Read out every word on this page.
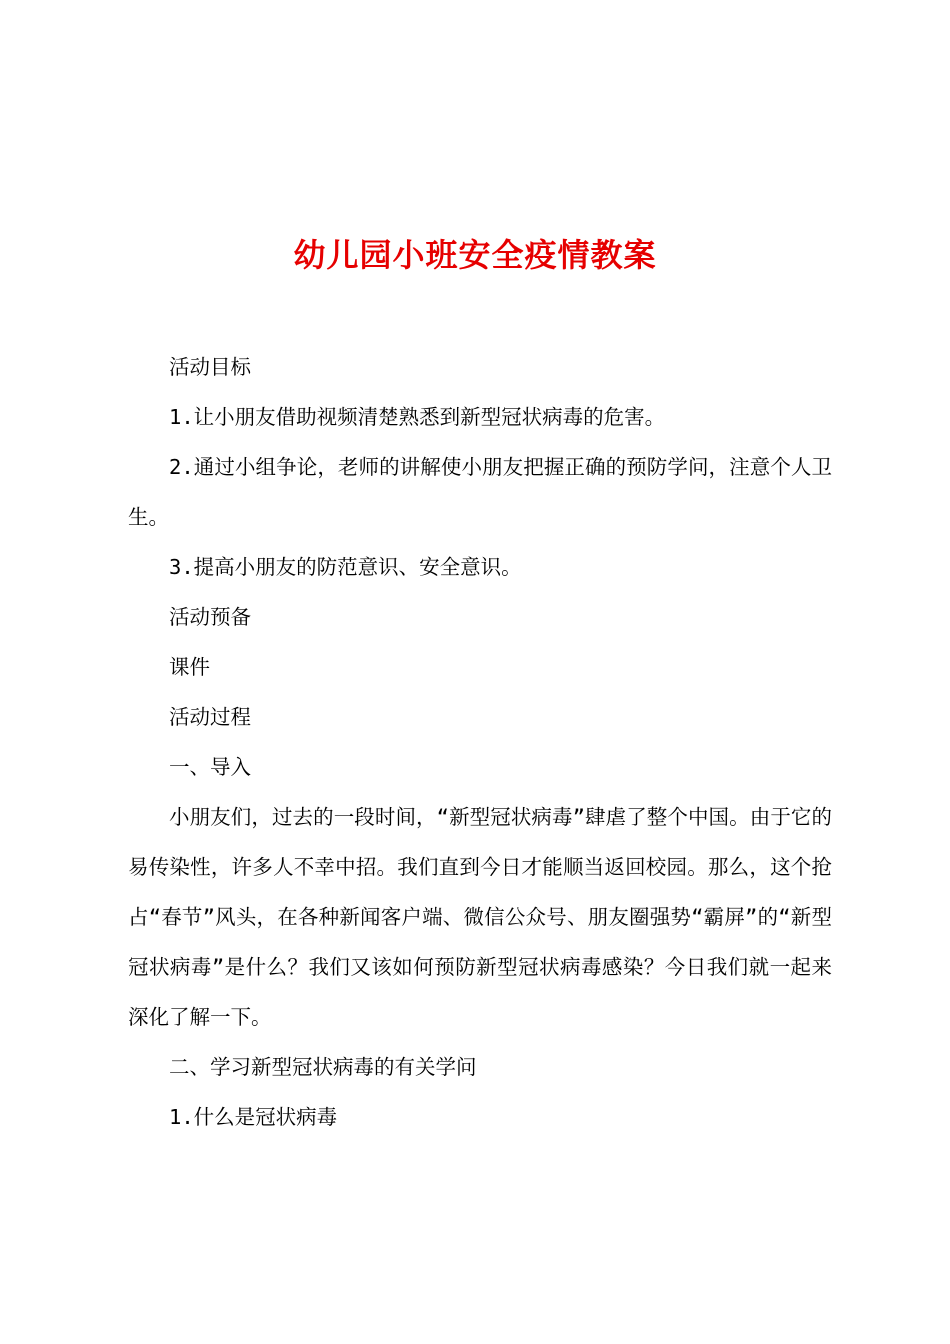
幼儿园小班安全疫情教案

活动目标

1.让小朋友借助视频清楚熟悉到新型冠状病毒的危害。

2.通过小组争论，老师的讲解使小朋友把握正确的预防学问，注意个人卫生。

3.提高小朋友的防范意识、安全意识。

活动预备

课件

活动过程

一、导入

小朋友们，过去的一段时间，“新型冠状病毒”肆虐了整个中国。由于它的易传染性，许多人不幸中招。我们直到今日才能顺当返回校园。那么，这个抢占“春节”风头，在各种新闻客户端、微信公众号、朋友圈强势“霸屏”的“新型冠状病毒”是什么？我们又该如何预防新型冠状病毒感染？今日我们就一起来深化了解一下。

二、学习新型冠状病毒的有关学问

1.什么是冠状病毒
